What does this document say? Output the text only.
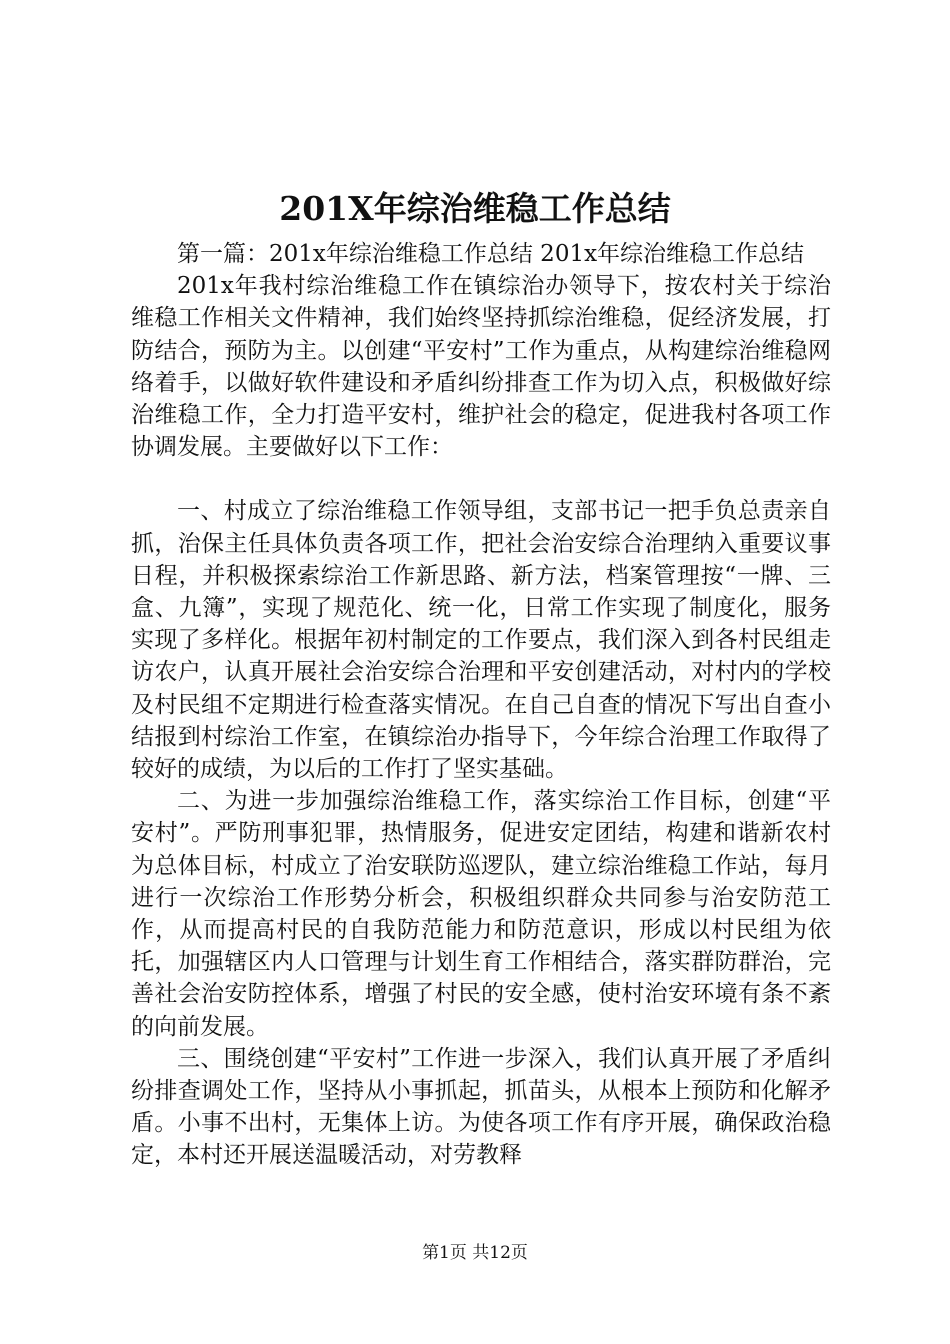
201X年综治维稳工作总结

第一篇：201x年综治维稳工作总结 201x年综治维稳工作总结

201x年我村综治维稳工作在镇综治办领导下，按农村关于综治维稳工作相关文件精神，我们始终坚持抓综治维稳，促经济发展，打防结合，预防为主。以创建“平安村”工作为重点，从构建综治维稳网络着手，以做好软件建设和矛盾纠纷排查工作为切入点，积极做好综治维稳工作，全力打造平安村，维护社会的稳定，促进我村各项工作协调发展。主要做好以下工作：

一、村成立了综治维稳工作领导组，支部书记一把手负总责亲自抓，治保主任具体负责各项工作，把社会治安综合治理纳入重要议事日程，并积极探索综治工作新思路、新方法，档案管理按“一牌、三盒、九簿”，实现了规范化、统一化，日常工作实现了制度化，服务实现了多样化。根据年初村制定的工作要点，我们深入到各村民组走访农户，认真开展社会治安综合治理和平安创建活动，对村内的学校及村民组不定期进行检查落实情况。在自己自查的情况下写出自查小结报到村综治工作室，在镇综治办指导下，今年综合治理工作取得了较好的成绩，为以后的工作打了坚实基础。

二、为进一步加强综治维稳工作，落实综治工作目标，创建“平安村”。严防刑事犯罪，热情服务，促进安定团结，构建和谐新农村为总体目标，村成立了治安联防巡逻队，建立综治维稳工作站，每月进行一次综治工作形势分析会，积极组织群众共同参与治安防范工作，从而提高村民的自我防范能力和防范意识，形成以村民组为依托，加强辖区内人口管理与计划生育工作相结合，落实群防群治，完善社会治安防控体系，增强了村民的安全感，使村治安环境有条不紊的向前发展。

三、围绕创建“平安村”工作进一步深入，我们认真开展了矛盾纠纷排查调处工作，坚持从小事抓起，抓苗头，从根本上预防和化解矛盾。小事不出村，无集体上访。为使各项工作有序开展，确保政治稳定，本村还开展送温暖活动，对劳教释

第1页 共12页
